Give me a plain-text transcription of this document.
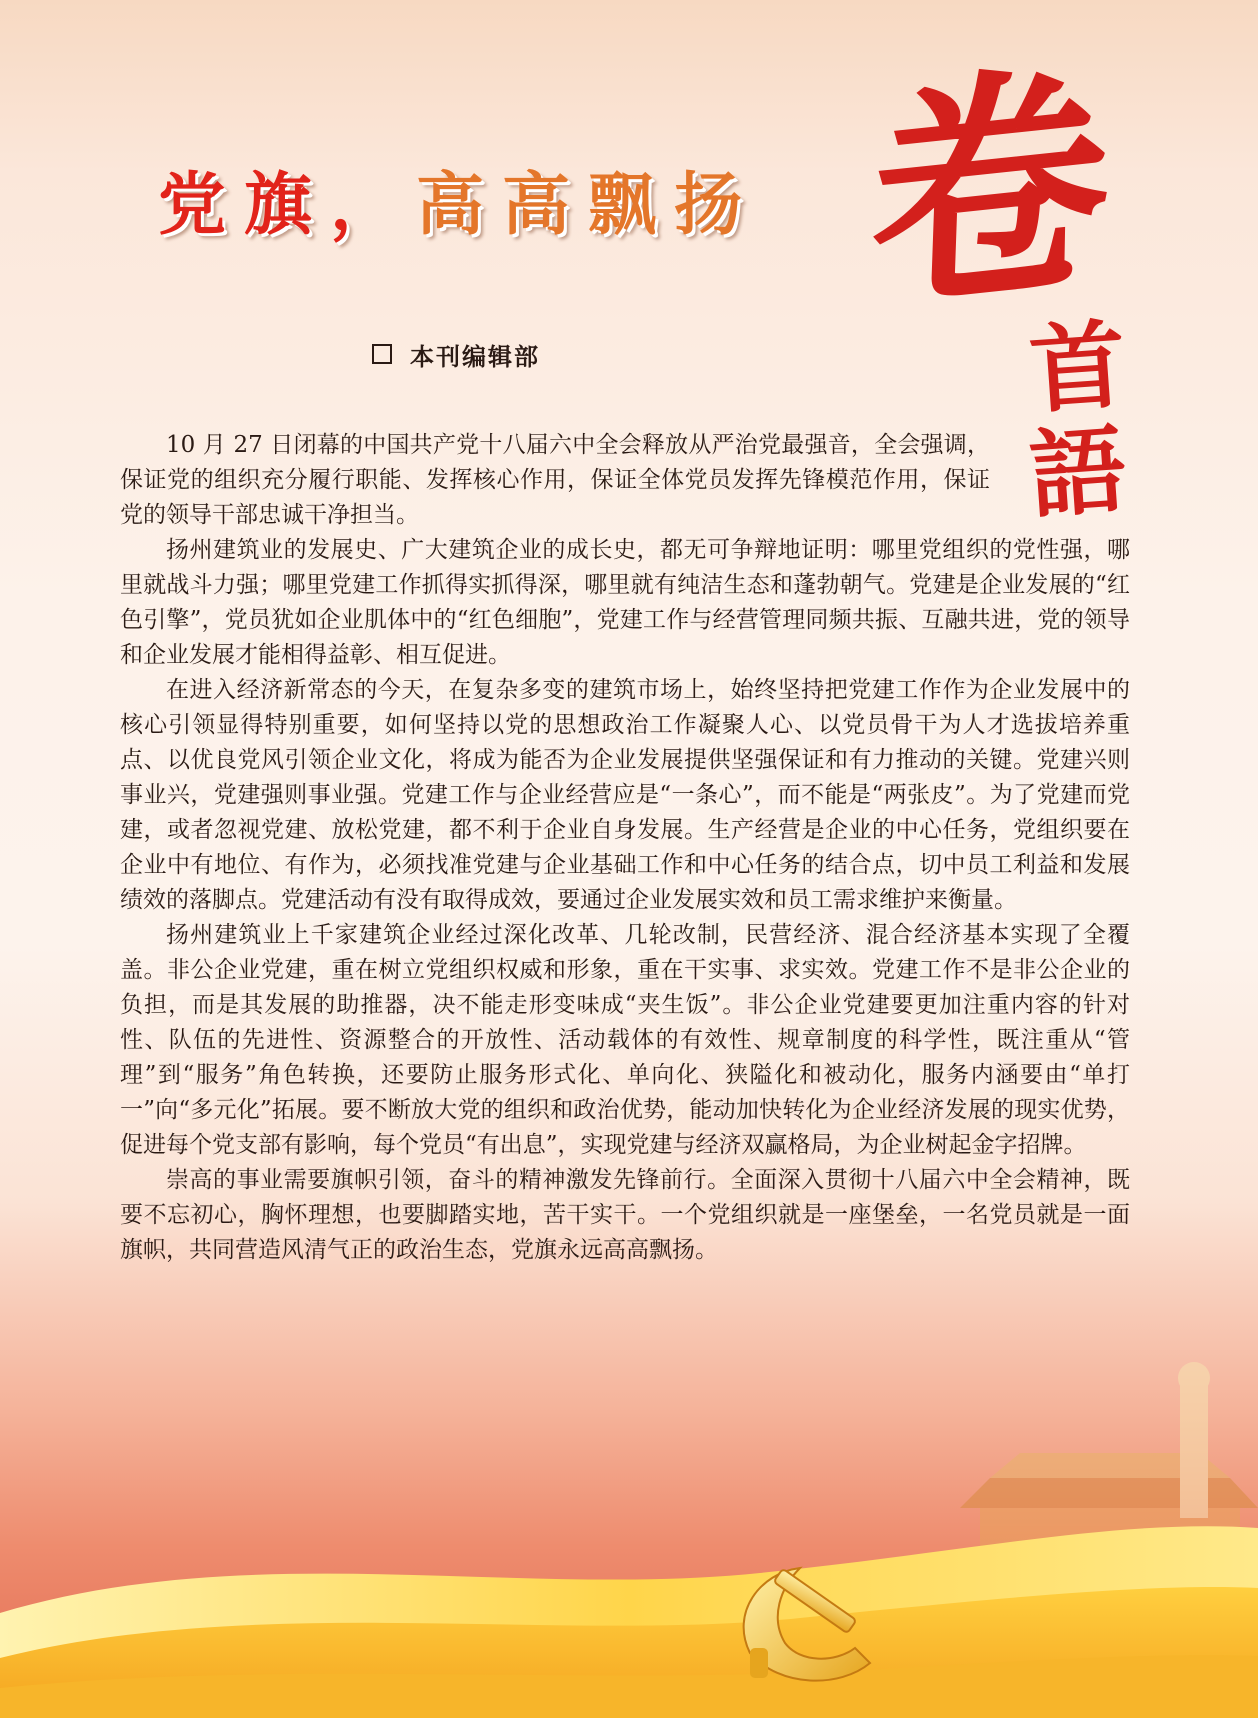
党旗， 高高飘扬
本刊编辑部
卷
首
語

10 月 27 日闭幕的中国共产党十八届六中全会释放从严治党最强音，全会强调，保证党的组织充分履行职能、发挥核心作用，保证全体党员发挥先锋模范作用，保证党的领导干部忠诚干净担当。

扬州建筑业的发展史、广大建筑企业的成长史，都无可争辩地证明：哪里党组织的党性强，哪里就战斗力强；哪里党建工作抓得实抓得深，哪里就有纯洁生态和蓬勃朝气。党建是企业发展的“红色引擎”，党员犹如企业肌体中的“红色细胞”，党建工作与经营管理同频共振、互融共进，党的领导和企业发展才能相得益彰、相互促进。

在进入经济新常态的今天，在复杂多变的建筑市场上，始终坚持把党建工作作为企业发展中的核心引领显得特别重要，如何坚持以党的思想政治工作凝聚人心、以党员骨干为人才选拔培养重点、以优良党风引领企业文化，将成为能否为企业发展提供坚强保证和有力推动的关键。党建兴则事业兴，党建强则事业强。党建工作与企业经营应是“一条心”，而不能是“两张皮”。为了党建而党建，或者忽视党建、放松党建，都不利于企业自身发展。生产经营是企业的中心任务，党组织要在企业中有地位、有作为，必须找准党建与企业基础工作和中心任务的结合点，切中员工利益和发展绩效的落脚点。党建活动有没有取得成效，要通过企业发展实效和员工需求维护来衡量。

扬州建筑业上千家建筑企业经过深化改革、几轮改制，民营经济、混合经济基本实现了全覆盖。非公企业党建，重在树立党组织权威和形象，重在干实事、求实效。党建工作不是非公企业的负担，而是其发展的助推器，决不能走形变味成“夹生饭”。非公企业党建要更加注重内容的针对性、队伍的先进性、资源整合的开放性、活动载体的有效性、规章制度的科学性，既注重从“管理”到“服务”角色转换，还要防止服务形式化、单向化、狭隘化和被动化，服务内涵要由“单打一”向“多元化”拓展。要不断放大党的组织和政治优势，能动加快转化为企业经济发展的现实优势，促进每个党支部有影响，每个党员“有出息”，实现党建与经济双赢格局，为企业树起金字招牌。

崇高的事业需要旗帜引领，奋斗的精神激发先锋前行。全面深入贯彻十八届六中全会精神，既要不忘初心，胸怀理想，也要脚踏实地，苦干实干。一个党组织就是一座堡垒，一名党员就是一面旗帜，共同营造风清气正的政治生态，党旗永远高高飘扬。
